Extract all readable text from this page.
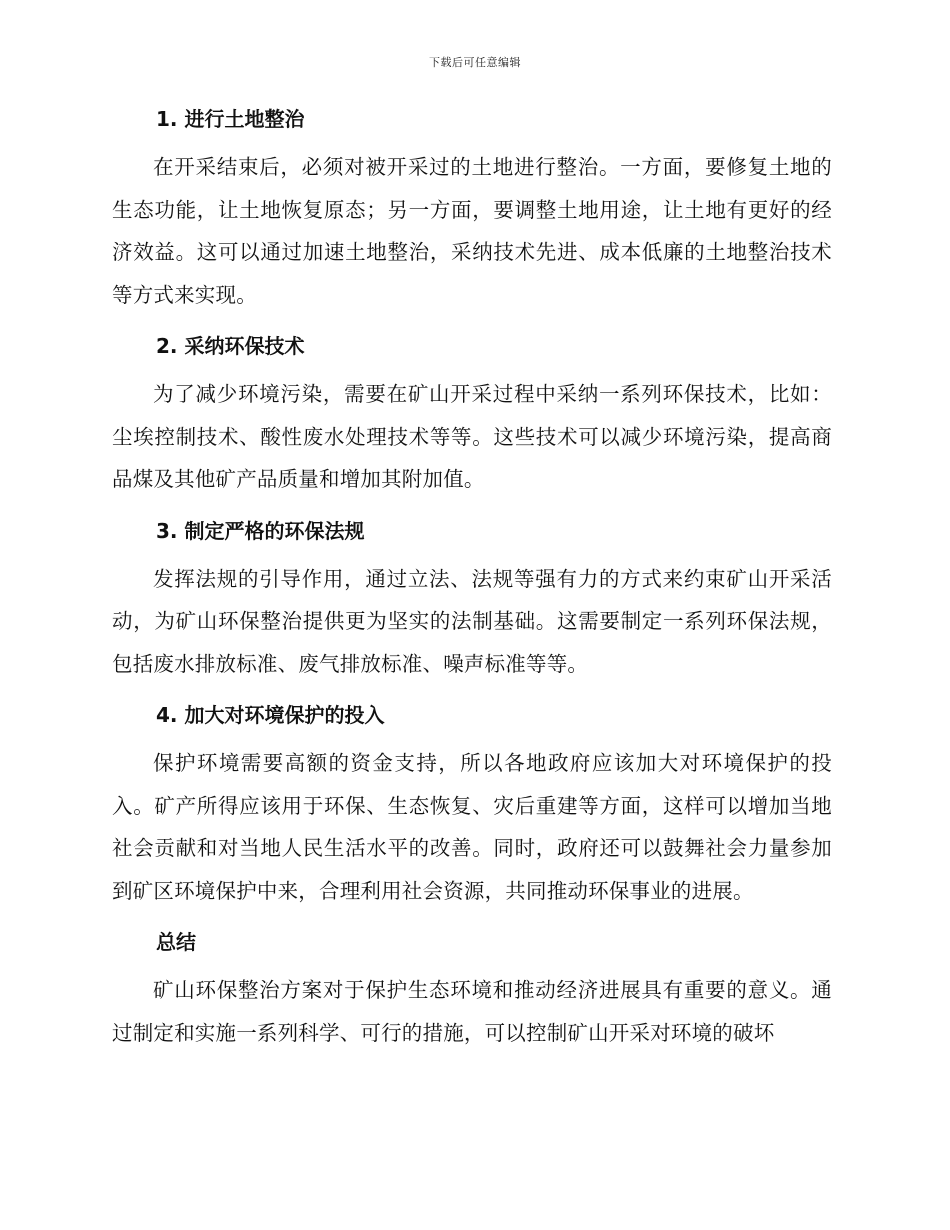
下载后可任意编辑
1. 进行土地整治

在开采结束后，必须对被开采过的土地进行整治。一方面，要修复土地的生态功能，让土地恢复原态；另一方面，要调整土地用途，让土地有更好的经济效益。这可以通过加速土地整治，采纳技术先进、成本低廉的土地整治技术等方式来实现。

2. 采纳环保技术

为了减少环境污染，需要在矿山开采过程中采纳一系列环保技术，比如：尘埃控制技术、酸性废水处理技术等等。这些技术可以减少环境污染，提高商品煤及其他矿产品质量和增加其附加值。

3. 制定严格的环保法规

发挥法规的引导作用，通过立法、法规等强有力的方式来约束矿山开采活动，为矿山环保整治提供更为坚实的法制基础。这需要制定一系列环保法规，包括废水排放标准、废气排放标准、噪声标准等等。

4. 加大对环境保护的投入

保护环境需要高额的资金支持，所以各地政府应该加大对环境保护的投入。矿产所得应该用于环保、生态恢复、灾后重建等方面，这样可以增加当地社会贡献和对当地人民生活水平的改善。同时，政府还可以鼓舞社会力量参加到矿区环境保护中来，合理利用社会资源，共同推动环保事业的进展。

总结

矿山环保整治方案对于保护生态环境和推动经济进展具有重要的意义。通过制定和实施一系列科学、可行的措施，可以控制矿山开采对环境的破坏
